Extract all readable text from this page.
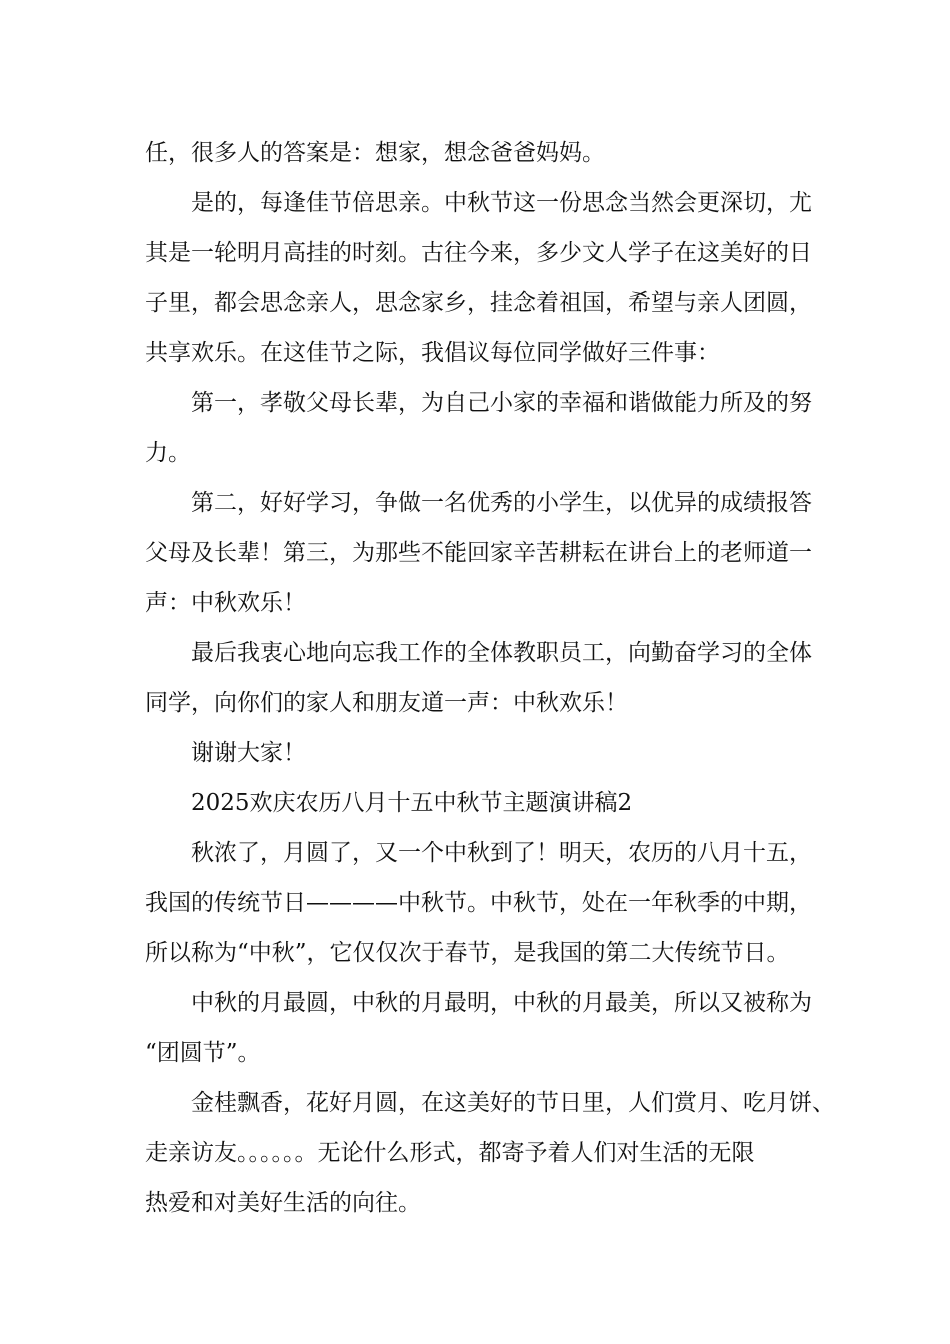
任，很多人的答案是：想家，想念爸爸妈妈。

是的，每逢佳节倍思亲。中秋节这一份思念当然会更深切，尤

其是一轮明月高挂的时刻。古往今来，多少文人学子在这美好的日

子里，都会思念亲人，思念家乡，挂念着祖国，希望与亲人团圆，

共享欢乐。在这佳节之际，我倡议每位同学做好三件事：

第一，孝敬父母长辈，为自己小家的幸福和谐做能力所及的努

力。

第二，好好学习，争做一名优秀的小学生，以优异的成绩报答

父母及长辈！第三，为那些不能回家辛苦耕耘在讲台上的老师道一

声：中秋欢乐！

最后我衷心地向忘我工作的全体教职员工，向勤奋学习的全体

同学，向你们的家人和朋友道一声：中秋欢乐！

谢谢大家！

2025欢庆农历八月十五中秋节主题演讲稿2

秋浓了，月圆了，又一个中秋到了！明天，农历的八月十五，

我国的传统节日————中秋节。中秋节，处在一年秋季的中期，

所以称为“中秋”，它仅仅次于春节，是我国的第二大传统节日。

中秋的月最圆，中秋的月最明，中秋的月最美，所以又被称为

“团圆节”。

金桂飘香，花好月圆，在这美好的节日里，人们赏月、吃月饼、

走亲访友。。。。。。无论什么形式，都寄予着人们对生活的无限

热爱和对美好生活的向往。
